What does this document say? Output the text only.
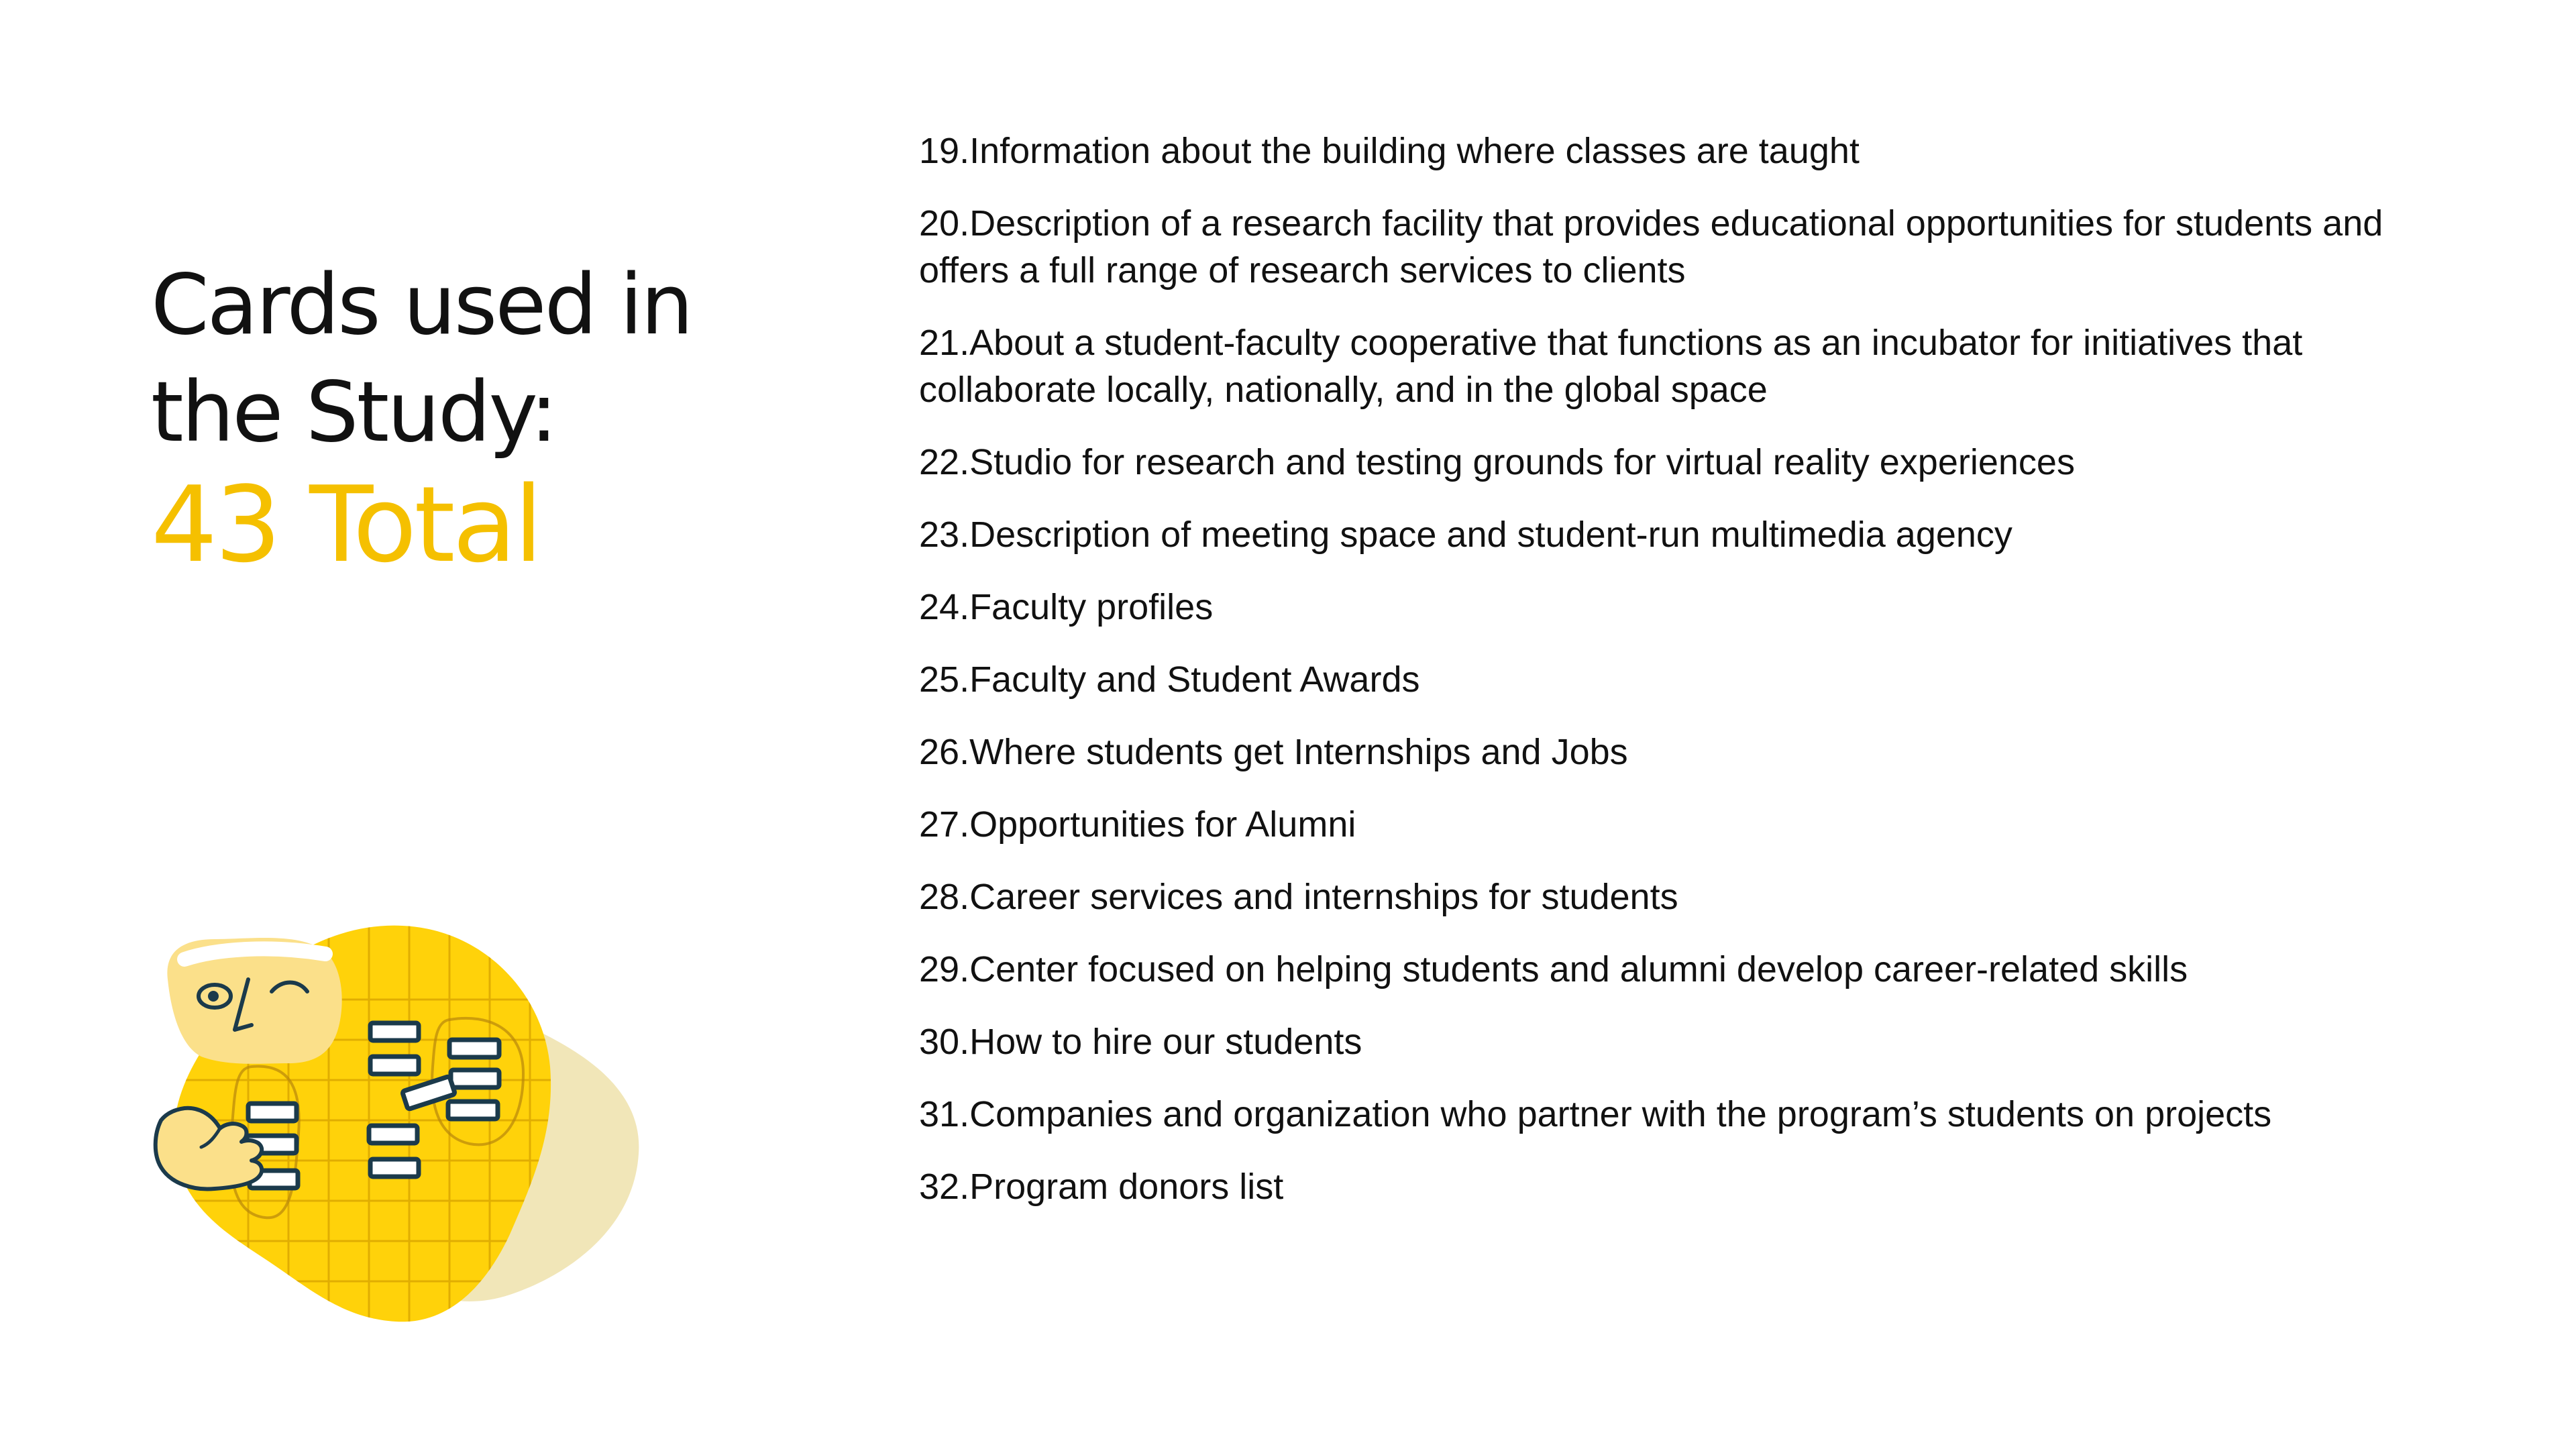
Cards used in
the Study:
43 Total
19.Information about the building where classes are taught
20.Description of a research facility that provides educational opportunities for students and offers a full range of research services to clients
21.About a student-faculty cooperative that functions as an incubator for initiatives that collaborate locally, nationally, and in the global space
22.Studio for research and testing grounds for virtual reality experiences
23.Description of meeting space and student-run multimedia agency
24.Faculty profiles
25.Faculty and Student Awards
26.Where students get Internships and Jobs
27.Opportunities for Alumni
28.Career services and internships for students
29.Center focused on helping students and alumni develop career-related skills
30.How to hire our students
31.Companies and organization who partner with the program’s students on projects
32.Program donors list
